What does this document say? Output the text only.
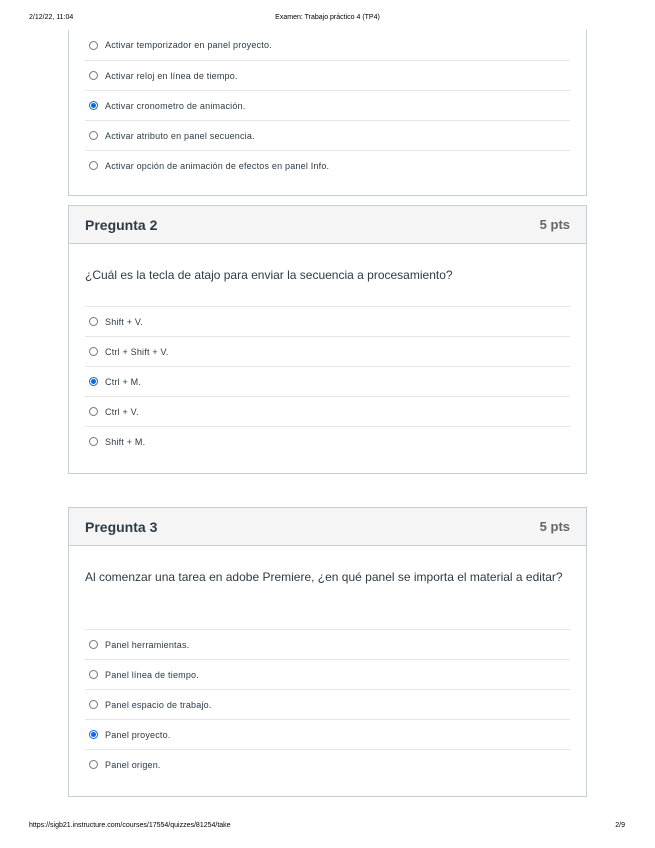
2/12/22, 11:04	Examen: Trabajo práctico 4 (TP4)
Activar temporizador en panel proyecto.
Activar reloj en línea de tiempo.
Activar cronometro de animación.
Activar atributo en panel secuencia.
Activar opción de animación de efectos en panel Info.
Pregunta 2	5 pts
¿Cuál es la tecla de atajo para enviar la secuencia a procesamiento?
Shift + V.
Ctrl + Shift + V.
Ctrl + M.
Ctrl + V.
Shift + M.
Pregunta 3	5 pts
Al comenzar una tarea en adobe Premiere, ¿en qué panel se importa el material a editar?
Panel herramientas.
Panel línea de tiempo.
Panel espacio de trabajo.
Panel proyecto.
Panel origen.
https://sigb21.instructure.com/courses/17554/quizzes/81254/take	2/9
